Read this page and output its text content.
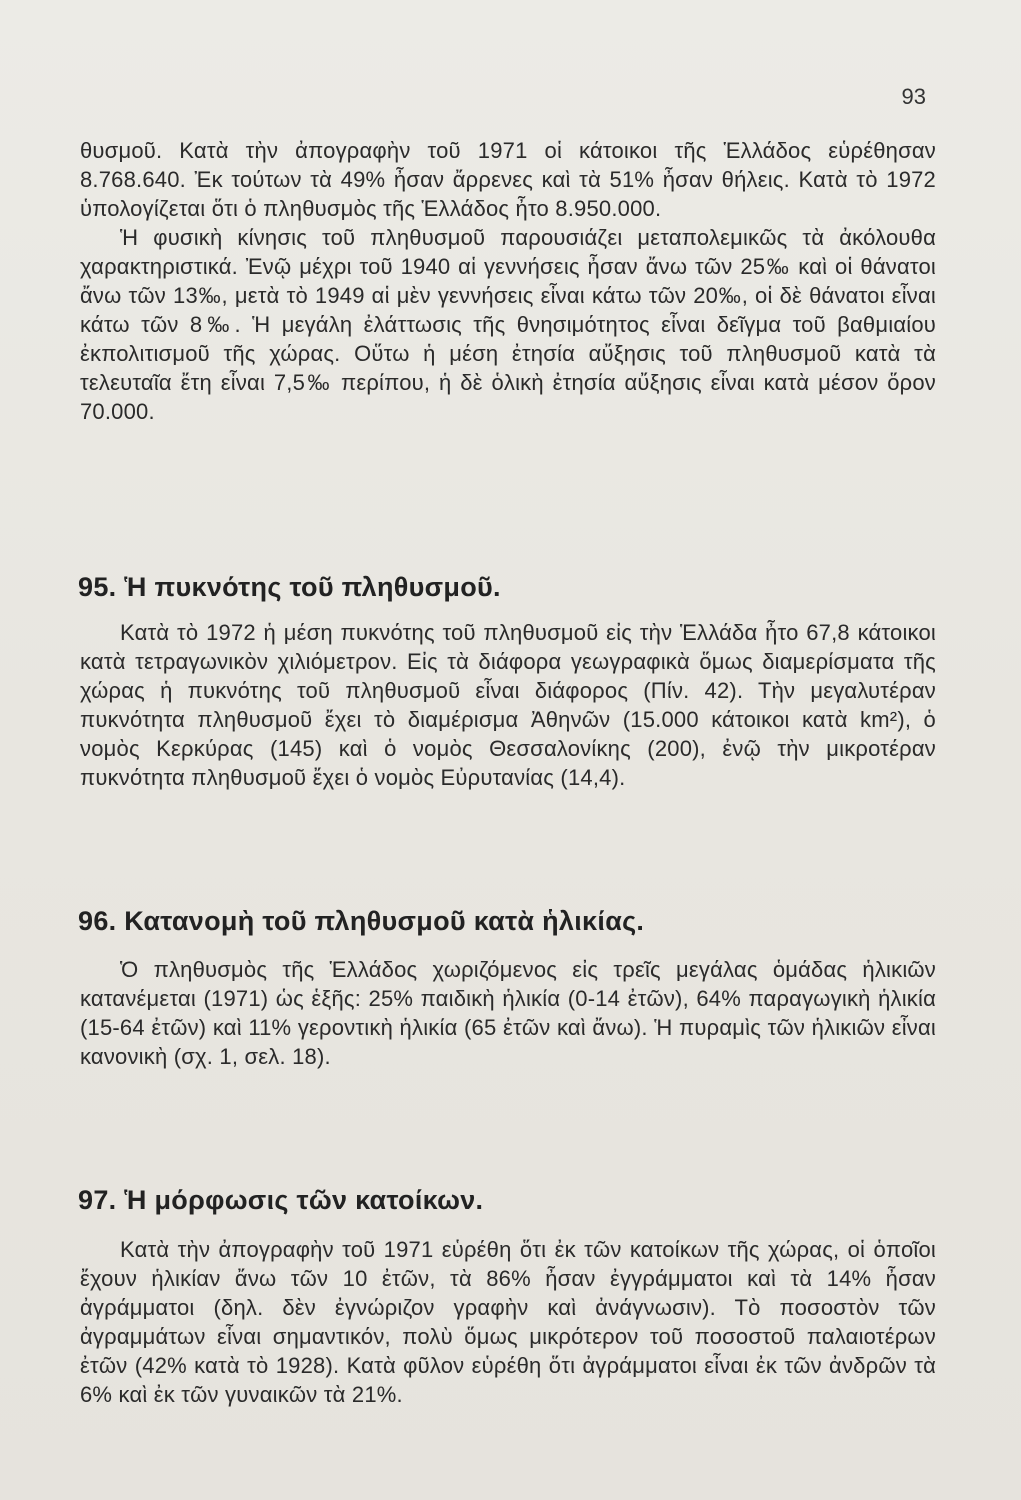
93

θυσμοῦ. Κατὰ τὴν ἀπογραφὴν τοῦ 1971 οἱ κάτοικοι τῆς Ἑλλάδος εὑρέθησαν 8.768.640. Ἐκ τούτων τὰ 49% ἦσαν ἄρρενες καὶ τὰ 51% ἦσαν θήλεις. Κατὰ τὸ 1972 ὑπολογίζεται ὅτι ὁ πληθυσμὸς τῆς Ἑλλάδος ἦτο 8.950.000.

Ἡ φυσικὴ κίνησις τοῦ πληθυσμοῦ παρουσιάζει μεταπολεμικῶς τὰ ἀκόλουθα χαρακτηριστικά. Ἐνῷ μέχρι τοῦ 1940 αἱ γεννήσεις ἦσαν ἄνω τῶν 25‰ καὶ οἱ θάνατοι ἄνω τῶν 13‰, μετὰ τὸ 1949 αἱ μὲν γεννήσεις εἶναι κάτω τῶν 20‰, οἱ δὲ θάνατοι εἶναι κάτω τῶν 8‰. Ἡ μεγάλη ἐλάττωσις τῆς θνησιμότητος εἶναι δεῖγμα τοῦ βαθμιαίου ἐκπολιτισμοῦ τῆς χώρας. Οὕτω ἡ μέση ἐτησία αὔξησις τοῦ πληθυσμοῦ κατὰ τὰ τελευταῖα ἔτη εἶναι 7,5‰ περίπου, ἡ δὲ ὁλικὴ ἐτησία αὔξησις εἶναι κατὰ μέσον ὅρον 70.000.

95. Ἡ πυκνότης τοῦ πληθυσμοῦ.

Κατὰ τὸ 1972 ἡ μέση πυκνότης τοῦ πληθυσμοῦ εἰς τὴν Ἑλλάδα ἦτο 67,8 κάτοικοι κατὰ τετραγωνικὸν χιλιόμετρον. Εἰς τὰ διάφορα γεωγραφικὰ ὅμως διαμερίσματα τῆς χώρας ἡ πυκνότης τοῦ πληθυσμοῦ εἶναι διάφορος (Πίν. 42). Τὴν μεγαλυτέραν πυκνότητα πληθυσμοῦ ἔχει τὸ διαμέρισμα Ἀθηνῶν (15.000 κάτοικοι κατὰ km²), ὁ νομὸς Κερκύρας (145) καὶ ὁ νομὸς Θεσσαλονίκης (200), ἐνῷ τὴν μικροτέραν πυκνότητα πληθυσμοῦ ἔχει ὁ νομὸς Εὐρυτανίας (14,4).

96. Κατανομὴ τοῦ πληθυσμοῦ κατὰ ἡλικίας.

Ὁ πληθυσμὸς τῆς Ἑλλάδος χωριζόμενος εἰς τρεῖς μεγάλας ὁμάδας ἡλικιῶν κατανέμεται (1971) ὡς ἑξῆς: 25% παιδικὴ ἡλικία (0-14 ἐτῶν), 64% παραγωγικὴ ἡλικία (15-64 ἐτῶν) καὶ 11% γεροντικὴ ἡλικία (65 ἐτῶν καὶ ἄνω). Ἡ πυραμὶς τῶν ἡλικιῶν εἶναι κανονικὴ (σχ. 1, σελ. 18).

97. Ἡ μόρφωσις τῶν κατοίκων.

Κατὰ τὴν ἀπογραφὴν τοῦ 1971 εὑρέθη ὅτι ἐκ τῶν κατοίκων τῆς χώρας, οἱ ὁποῖοι ἔχουν ἡλικίαν ἄνω τῶν 10 ἐτῶν, τὰ 86% ἦσαν ἐγγράμματοι καὶ τὰ 14% ἦσαν ἀγράμματοι (δηλ. δὲν ἐγνώριζον γραφὴν καὶ ἀνάγνωσιν). Τὸ ποσοστὸν τῶν ἀγραμμάτων εἶναι σημαντικόν, πολὺ ὅμως μικρότερον τοῦ ποσοστοῦ παλαιοτέρων ἐτῶν (42% κατὰ τὸ 1928). Κατὰ φῦλον εὑρέθη ὅτι ἀγράμματοι εἶναι ἐκ τῶν ἀνδρῶν τὰ 6% καὶ ἐκ τῶν γυναικῶν τὰ 21%.
